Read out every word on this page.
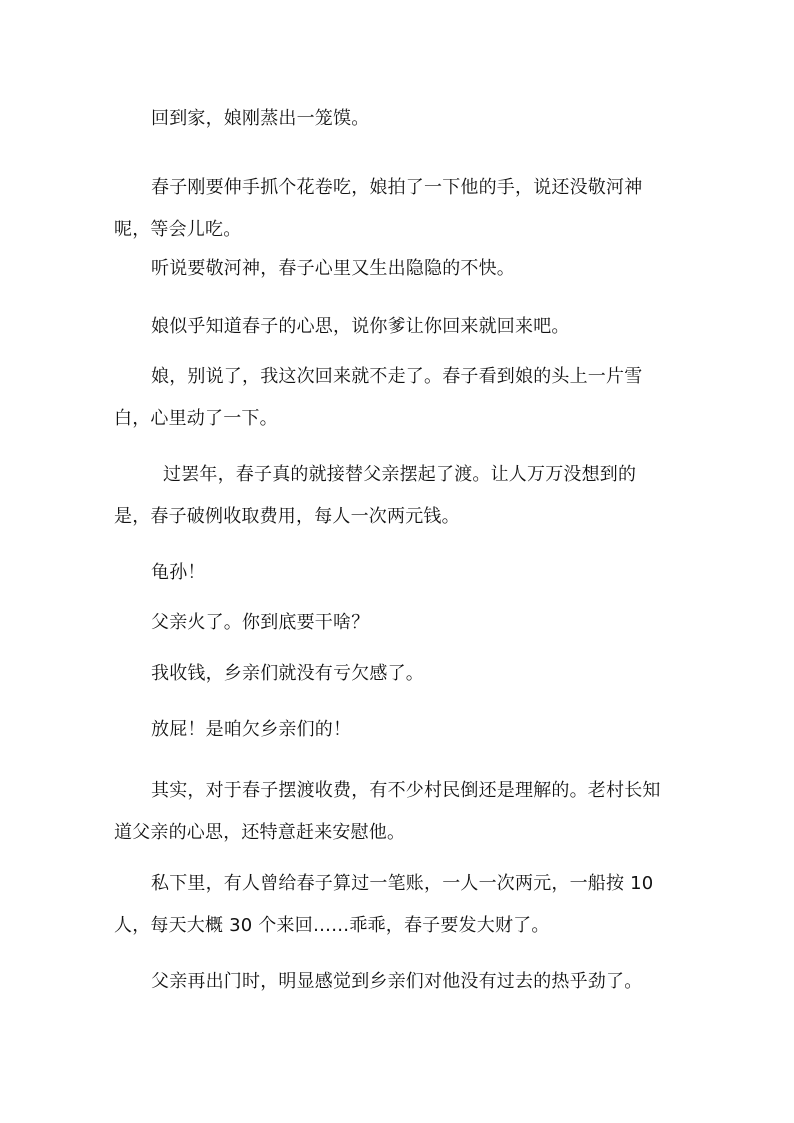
回到家，娘刚蒸出一笼馍。

春子刚要伸手抓个花卷吃，娘拍了一下他的手，说还没敬河神呢，等会儿吃。

听说要敬河神，春子心里又生出隐隐的不快。

娘似乎知道春子的心思，说你爹让你回来就回来吧。

娘，别说了，我这次回来就不走了。春子看到娘的头上一片雪白，心里动了一下。

过罢年，春子真的就接替父亲摆起了渡。让人万万没想到的是，春子破例收取费用，每人一次两元钱。

龟孙！

父亲火了。你到底要干啥？

我收钱，乡亲们就没有亏欠感了。

放屁！是咱欠乡亲们的！

其实，对于春子摆渡收费，有不少村民倒还是理解的。老村长知道父亲的心思，还特意赶来安慰他。

私下里，有人曾给春子算过一笔账，一人一次两元，一船按 10 人，每天大概 30 个来回……乖乖，春子要发大财了。

父亲再出门时，明显感觉到乡亲们对他没有过去的热乎劲了。
